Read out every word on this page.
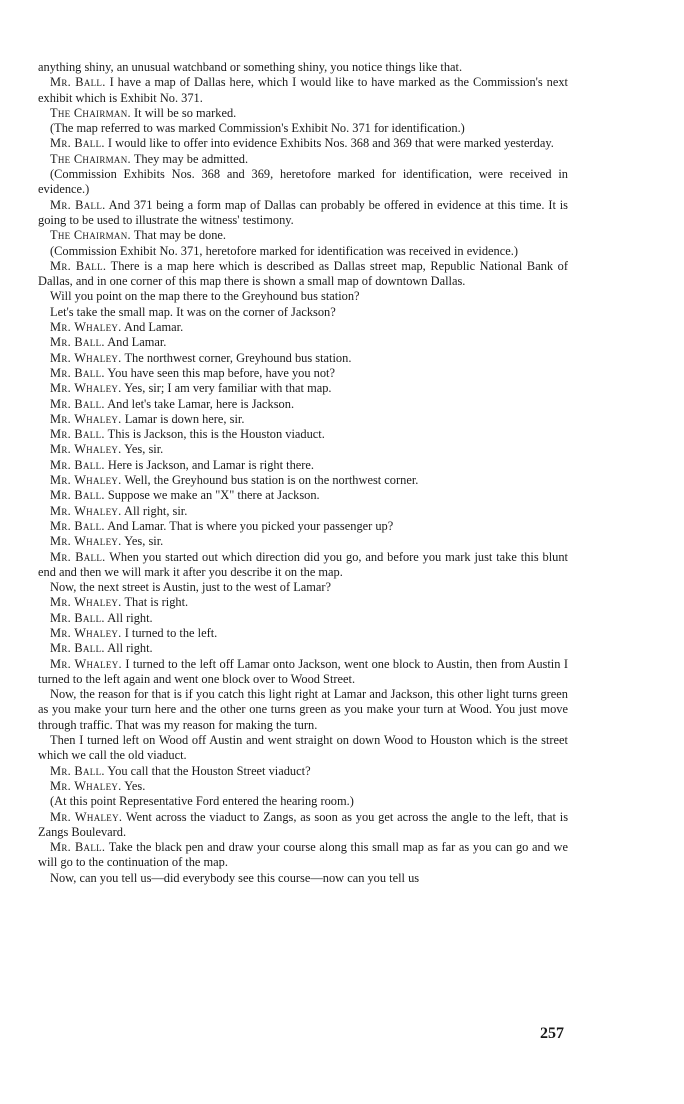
anything shiny, an unusual watchband or something shiny, you notice things like that.

Mr. Ball. I have a map of Dallas here, which I would like to have marked as the Commission's next exhibit which is Exhibit No. 371.

The Chairman. It will be so marked.

(The map referred to was marked Commission's Exhibit No. 371 for identification.)

Mr. Ball. I would like to offer into evidence Exhibits Nos. 368 and 369 that were marked yesterday.

The Chairman. They may be admitted.

(Commission Exhibits Nos. 368 and 369, heretofore marked for identification, were received in evidence.)

Mr. Ball. And 371 being a form map of Dallas can probably be offered in evidence at this time. It is going to be used to illustrate the witness' testimony.

The Chairman. That may be done.

(Commission Exhibit No. 371, heretofore marked for identification was received in evidence.)

Mr. Ball. There is a map here which is described as Dallas street map, Republic National Bank of Dallas, and in one corner of this map there is shown a small map of downtown Dallas.

Will you point on the map there to the Greyhound bus station?

Let's take the small map. It was on the corner of Jackson?

Mr. Whaley. And Lamar.

Mr. Ball. And Lamar.

Mr. Whaley. The northwest corner, Greyhound bus station.

Mr. Ball. You have seen this map before, have you not?

Mr. Whaley. Yes, sir; I am very familiar with that map.

Mr. Ball. And let's take Lamar, here is Jackson.

Mr. Whaley. Lamar is down here, sir.

Mr. Ball. This is Jackson, this is the Houston viaduct.

Mr. Whaley. Yes, sir.

Mr. Ball. Here is Jackson, and Lamar is right there.

Mr. Whaley. Well, the Greyhound bus station is on the northwest corner.

Mr. Ball. Suppose we make an "X" there at Jackson.

Mr. Whaley. All right, sir.

Mr. Ball. And Lamar. That is where you picked your passenger up?

Mr. Whaley. Yes, sir.

Mr. Ball. When you started out which direction did you go, and before you mark just take this blunt end and then we will mark it after you describe it on the map.

Now, the next street is Austin, just to the west of Lamar?

Mr. Whaley. That is right.

Mr. Ball. All right.

Mr. Whaley. I turned to the left.

Mr. Ball. All right.

Mr. Whaley. I turned to the left off Lamar onto Jackson, went one block to Austin, then from Austin I turned to the left again and went one block over to Wood Street.

Now, the reason for that is if you catch this light right at Lamar and Jackson, this other light turns green as you make your turn here and the other one turns green as you make your turn at Wood. You just move through traffic. That was my reason for making the turn.

Then I turned left on Wood off Austin and went straight on down Wood to Houston which is the street which we call the old viaduct.

Mr. Ball. You call that the Houston Street viaduct?

Mr. Whaley. Yes.

(At this point Representative Ford entered the hearing room.)

Mr. Whaley. Went across the viaduct to Zangs, as soon as you get across the angle to the left, that is Zangs Boulevard.

Mr. Ball. Take the black pen and draw your course along this small map as far as you can go and we will go to the continuation of the map.

Now, can you tell us—did everybody see this course—now can you tell us

257
